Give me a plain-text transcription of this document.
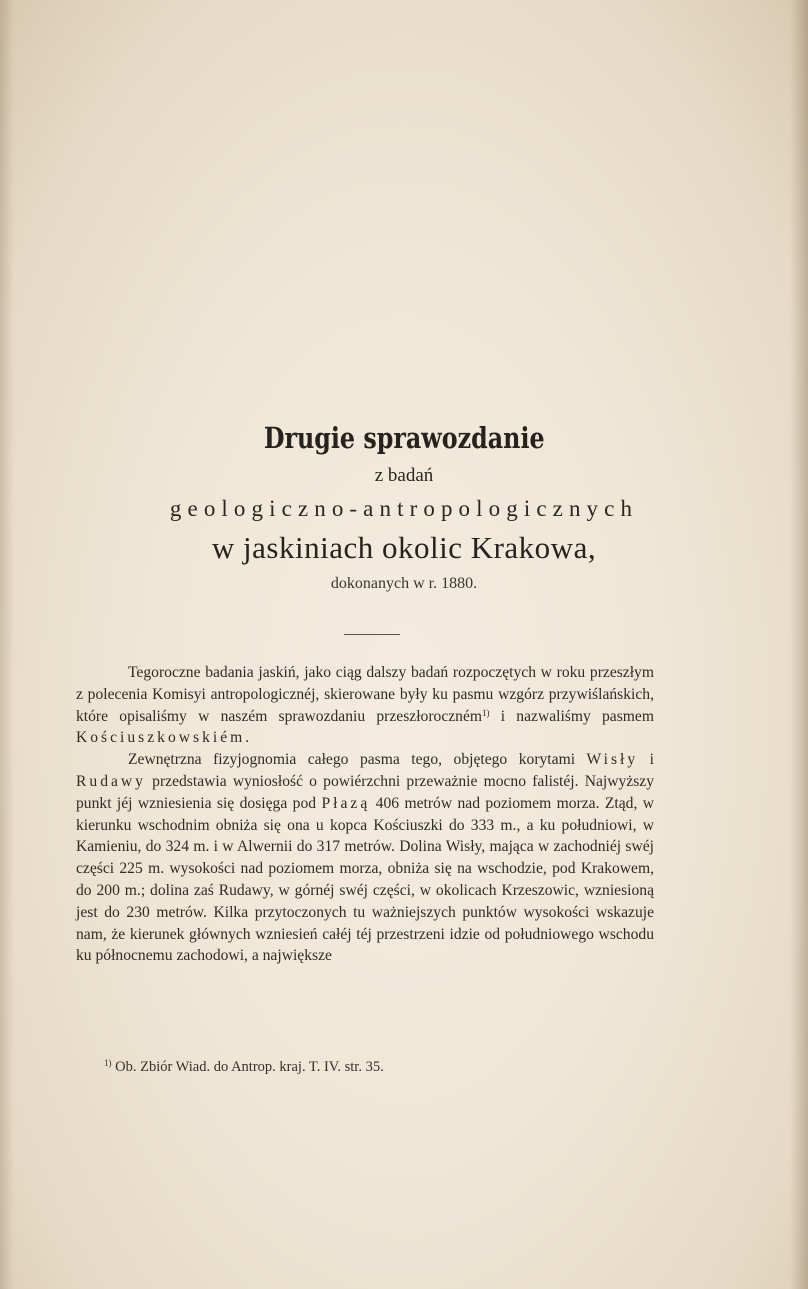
Drugie sprawozdanie
z badań
geologiczno-antropologicznych
w jaskiniach okolic Krakowa,
dokonanych w r. 1880.

Tegoroczne badania jaskiń, jako ciąg dalszy badań rozpoczętych w roku przeszłym z polecenia Komisyi antropologicznéj, skierowane były ku pasmu wzgórz przywiślańskich, które opisaliśmy w naszém sprawozdaniu przeszłoroczném$^{1)}$ i nazwaliśmy pasmem Kościuszkowskiém.

Zewnętrzna fizyjognomia całego pasma tego, objętego korytami Wisły i Rudawy przedstawia wyniosłość o powiérzchni przeważnie mocno falistéj. Najwyższy punkt jéj wzniesienia się dosięga pod Płazą 406 metrów nad poziomem morza. Ztąd, w kierunku wschodnim obniża się ona u kopca Kościuszki do 333 m., a ku południowi, w Kamieniu, do 324 m. i w Alwernii do 317 metrów. Dolina Wisły, mająca w zachodniéj swéj części 225 m. wysokości nad poziomem morza, obniża się na wschodzie, pod Krakowem, do 200 m.; dolina zaś Rudawy, w górnéj swéj części, w okolicach Krzeszowic, wzniesioną jest do 230 metrów. Kilka przytoczonych tu ważniejszych punktów wysokości wskazuje nam, że kierunek głównych wzniesień całéj téj przestrzeni idzie od południowego wschodu ku północnemu zachodowi, a największe

$^{1)}$ Ob. Zbiór Wiad. do Antrop. kraj. T. IV. str. 35.
